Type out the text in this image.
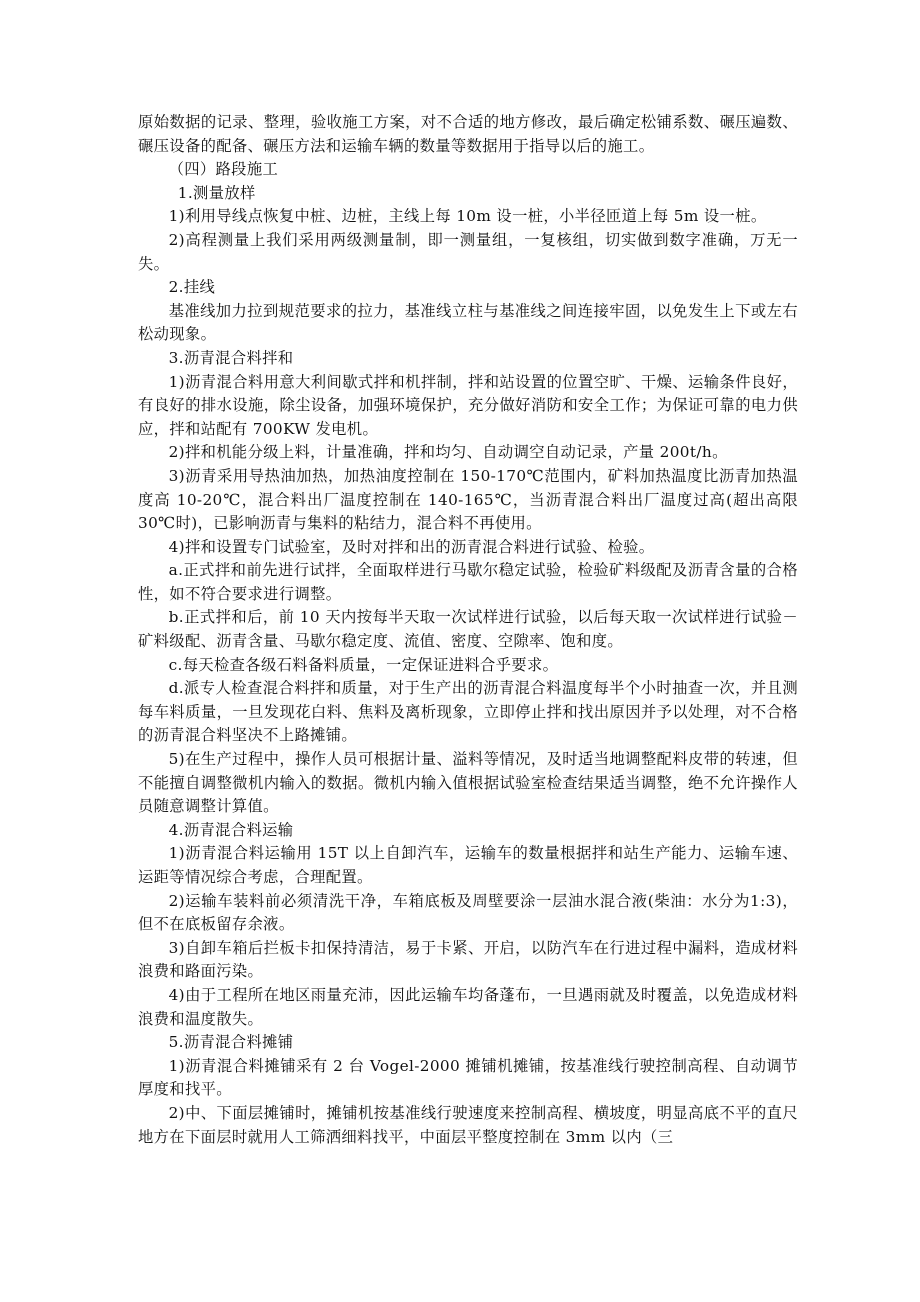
原始数据的记录、整理，验收施工方案，对不合适的地方修改，最后确定松铺系数、碾压遍数、碾压设备的配备、碾压方法和运输车辆的数量等数据用于指导以后的施工。

（四）路段施工

1.测量放样

1)利用导线点恢复中桩、边桩，主线上每 10m 设一桩，小半径匝道上每 5m 设一桩。

2)高程测量上我们采用两级测量制，即一测量组，一复核组，切实做到数字准确，万无一失。

2.挂线

基准线加力拉到规范要求的拉力，基准线立柱与基准线之间连接牢固，以免发生上下或左右松动现象。

3.沥青混合料拌和

1)沥青混合料用意大利间歇式拌和机拌制，拌和站设置的位置空旷、干燥、运输条件良好，有良好的排水设施，除尘设备，加强环境保护，充分做好消防和安全工作；为保证可靠的电力供应，拌和站配有 700KW 发电机。

2)拌和机能分级上料，计量准确，拌和均匀、自动调空自动记录，产量 200t/h。

3)沥青采用导热油加热，加热油度控制在 150-170℃范围内，矿料加热温度比沥青加热温度高 10-20℃，混合料出厂温度控制在 140-165℃，当沥青混合料出厂温度过高(超出高限 30℃时)，已影响沥青与集料的粘结力，混合料不再使用。

4)拌和设置专门试验室，及时对拌和出的沥青混合料进行试验、检验。

a.正式拌和前先进行试拌，全面取样进行马歇尔稳定试验，检验矿料级配及沥青含量的合格性，如不符合要求进行调整。

b.正式拌和后，前 10 天内按每半天取一次试样进行试验，以后每天取一次试样进行试验－矿料级配、沥青含量、马歇尔稳定度、流值、密度、空隙率、饱和度。

c.每天检查各级石料备料质量，一定保证进料合乎要求。

d.派专人检查混合料拌和质量，对于生产出的沥青混合料温度每半个小时抽查一次，并且测每车料质量，一旦发现花白料、焦料及离析现象，立即停止拌和找出原因并予以处理，对不合格的沥青混合料坚决不上路摊铺。

5)在生产过程中，操作人员可根据计量、溢料等情况，及时适当地调整配料皮带的转速，但不能擅自调整微机内输入的数据。微机内输入值根据试验室检查结果适当调整，绝不允许操作人员随意调整计算值。

4.沥青混合料运输

1)沥青混合料运输用 15T 以上自卸汽车，运输车的数量根据拌和站生产能力、运输车速、运距等情况综合考虑，合理配置。

2)运输车装料前必须清洗干净，车箱底板及周壁要涂一层油水混合液(柴油：水分为1:3)，但不在底板留存余液。

3)自卸车箱后拦板卡扣保持清洁，易于卡紧、开启，以防汽车在行进过程中漏料，造成材料浪费和路面污染。

4)由于工程所在地区雨量充沛，因此运输车均备蓬布，一旦遇雨就及时覆盖，以免造成材料浪费和温度散失。

5.沥青混合料摊铺

1)沥青混合料摊铺采有 2 台 Vogel-2000 摊铺机摊铺，按基准线行驶控制高程、自动调节厚度和找平。

2)中、下面层摊铺时，摊铺机按基准线行驶速度来控制高程、横坡度，明显高底不平的直尺地方在下面层时就用人工筛洒细料找平，中面层平整度控制在 3mm 以内（三
